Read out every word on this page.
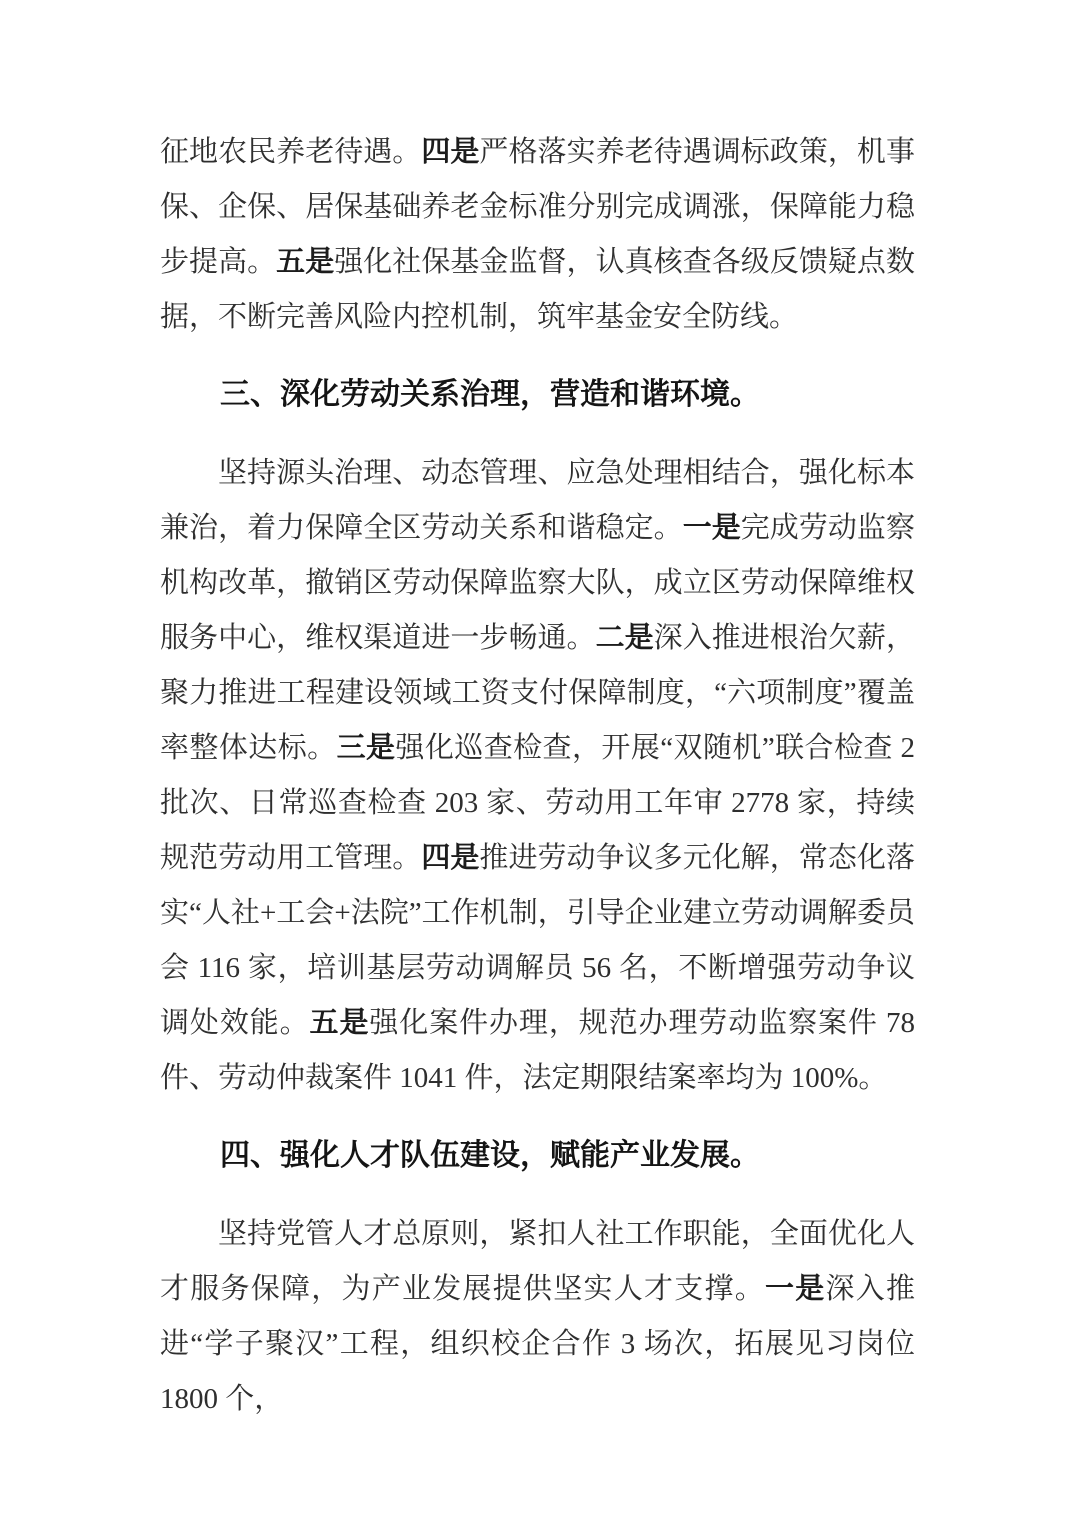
征地农民养老待遇。四是严格落实养老待遇调标政策，机事保、企保、居保基础养老金标准分别完成调涨，保障能力稳步提高。五是强化社保基金监督，认真核查各级反馈疑点数据，不断完善风险内控机制，筑牢基金安全防线。

三、深化劳动关系治理，营造和谐环境。

坚持源头治理、动态管理、应急处理相结合，强化标本兼治，着力保障全区劳动关系和谐稳定。一是完成劳动监察机构改革，撤销区劳动保障监察大队，成立区劳动保障维权服务中心，维权渠道进一步畅通。二是深入推进根治欠薪，聚力推进工程建设领域工资支付保障制度，“六项制度”覆盖率整体达标。三是强化巡查检查，开展“双随机”联合检查 2 批次、日常巡查检查 203 家、劳动用工年审 2778 家，持续规范劳动用工管理。四是推进劳动争议多元化解，常态化落实“人社+工会+法院”工作机制，引导企业建立劳动调解委员会 116 家，培训基层劳动调解员 56 名，不断增强劳动争议调处效能。五是强化案件办理，规范办理劳动监察案件 78 件、劳动仲裁案件 1041 件，法定期限结案率均为 100%。

四、强化人才队伍建设，赋能产业发展。

坚持党管人才总原则，紧扣人社工作职能，全面优化人才服务保障，为产业发展提供坚实人才支撑。一是深入推进“学子聚汉”工程，组织校企合作 3 场次，拓展见习岗位 1800 个，
